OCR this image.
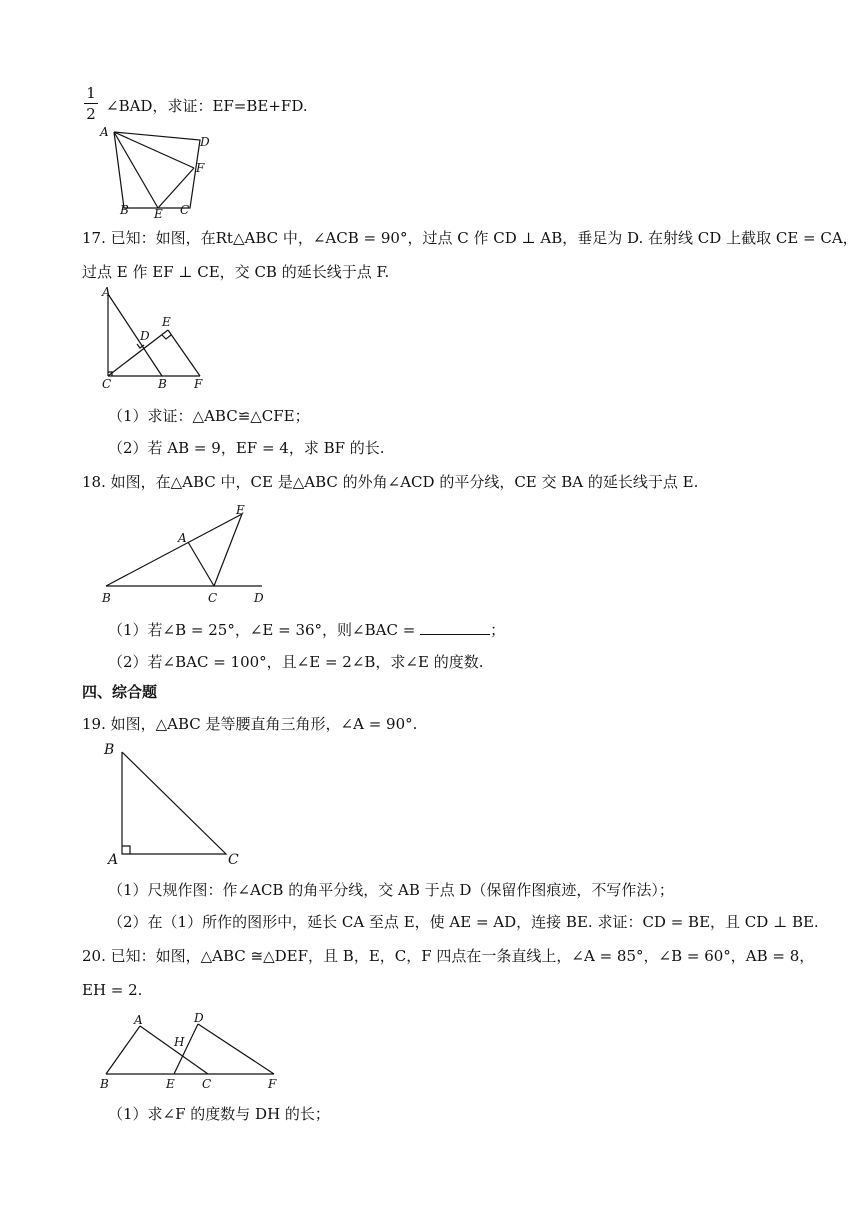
1
2 ∠BAD，求证：EF=BE+FD.
A
D
F
B E C
17. 已知：如图，在Rt△ABC 中，∠ACB = 90°，过点 C 作 CD ⊥ AB，垂足为 D. 在射线 CD 上截取 CE = CA，
过点 E 作 EF ⊥ CE，交 CB 的延长线于点 F.
A
D
E
C	B F
（1）求证：△ABC≌△CFE；
（2）若 AB = 9，EF = 4，求 BF 的长.
18. 如图，在△ABC 中，CE 是△ABC 的外角∠ACD 的平分线，CE 交 BA 的延长线于点 E.
E
A
B	C	D
（1）若∠B = 25°，∠E = 36°，则∠BAC =	；
（2）若∠BAC = 100°，且∠E = 2∠B，求∠E 的度数.
四、综合题
19. 如图，△ABC 是等腰直角三角形，∠A = 90°.
B
A	C
（1）尺规作图：作∠ACB 的角平分线，交 AB 于点 D（保留作图痕迹，不写作法）；
（2）在（1）所作的图形中，延长 CA 至点 E，使 AE = AD，连接 BE. 求证：CD = BE，且 CD ⊥ BE.
20. 已知：如图，△ABC ≅△DEF，且 B，E，C，F 四点在一条直线上，∠A = 85°，∠B = 60°，AB = 8，
EH = 2.
A	D
H
B	E C	F
（1）求∠F 的度数与 DH 的长；
